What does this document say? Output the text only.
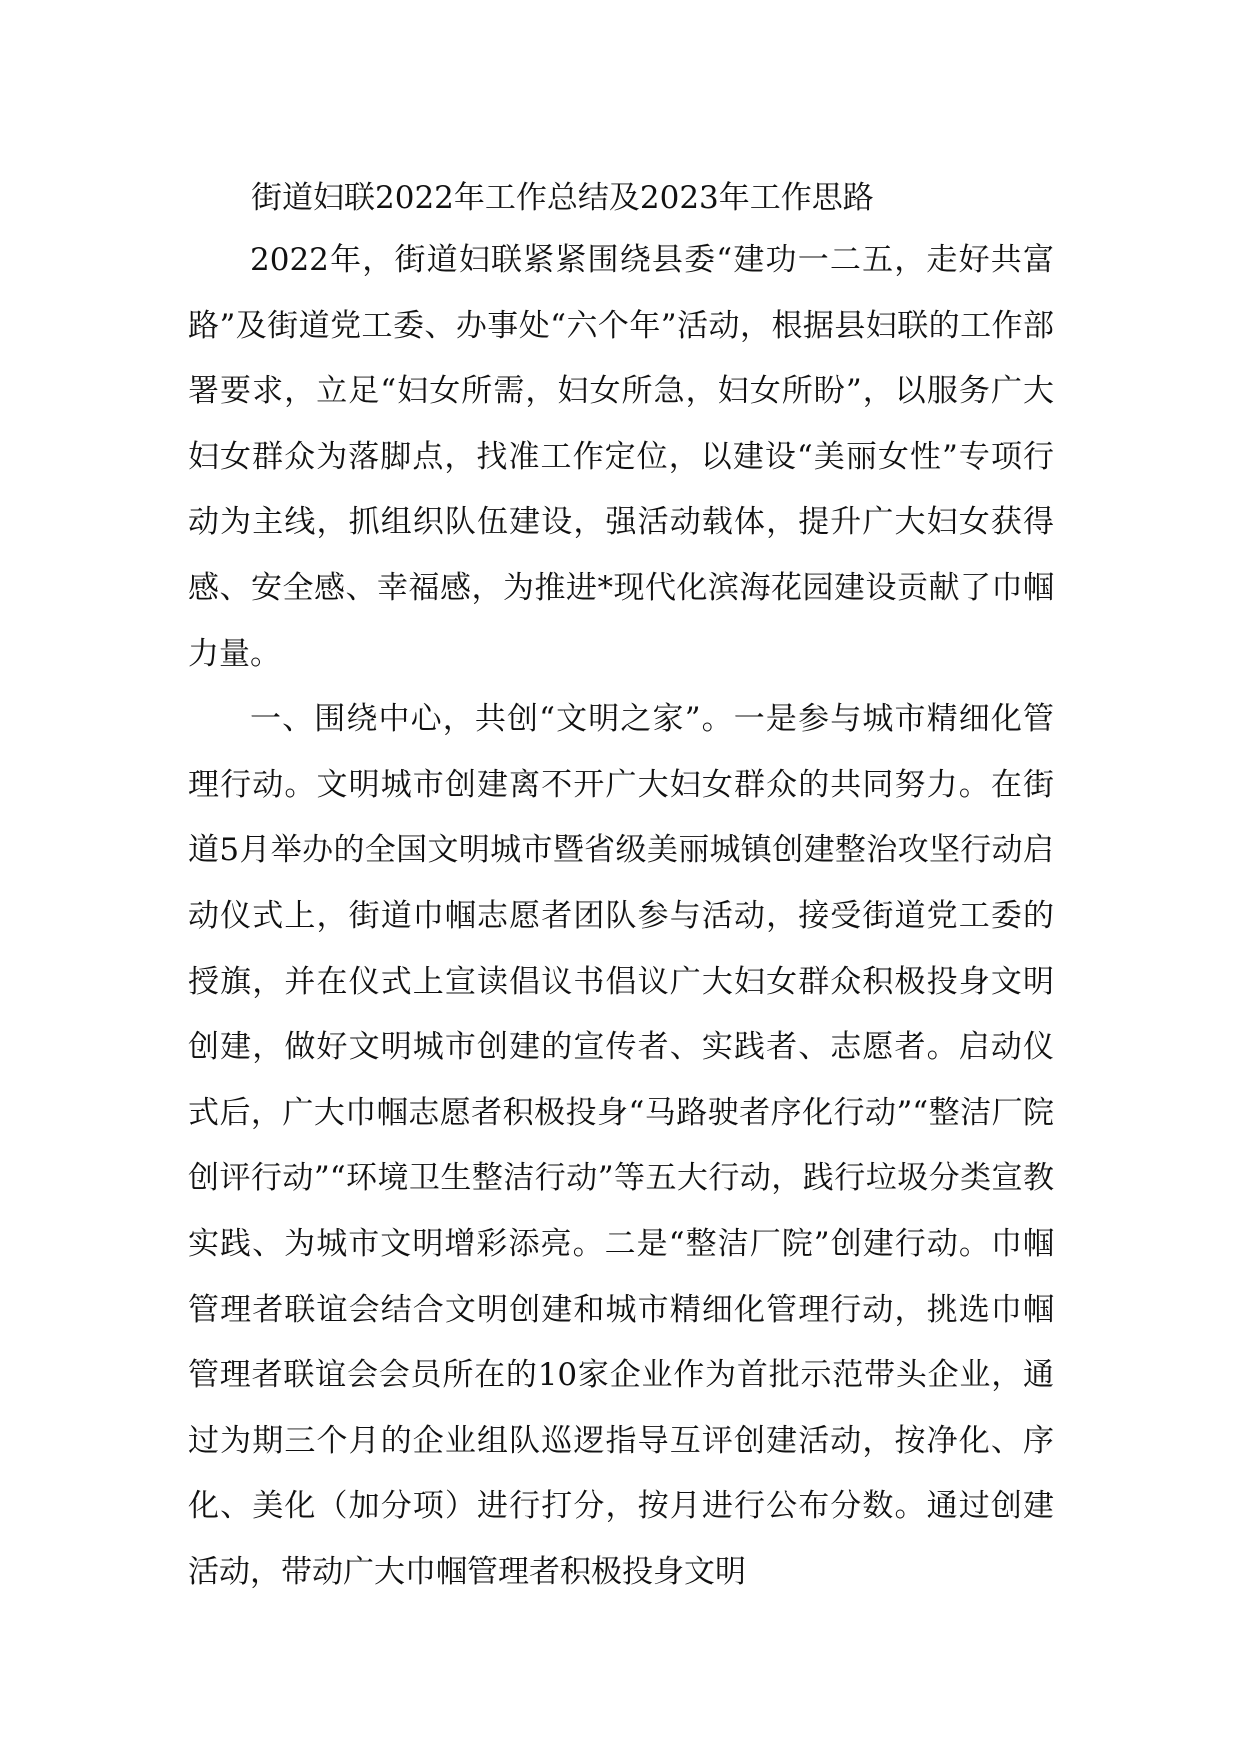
街道妇联2022年工作总结及2023年工作思路

2022年，街道妇联紧紧围绕县委“建功一二五，走好共富路”及街道党工委、办事处“六个年”活动，根据县妇联的工作部署要求，立足“妇女所需，妇女所急，妇女所盼”，以服务广大妇女群众为落脚点，找准工作定位，以建设“美丽女性”专项行动为主线，抓组织队伍建设，强活动载体，提升广大妇女获得感、安全感、幸福感，为推进*现代化滨海花园建设贡献了巾帼力量。

一、围绕中心，共创“文明之家”。一是参与城市精细化管理行动。文明城市创建离不开广大妇女群众的共同努力。在街道5月举办的全国文明城市暨省级美丽城镇创建整治攻坚行动启动仪式上，街道巾帼志愿者团队参与活动，接受街道党工委的授旗，并在仪式上宣读倡议书倡议广大妇女群众积极投身文明创建，做好文明城市创建的宣传者、实践者、志愿者。启动仪式后，广大巾帼志愿者积极投身“马路驶者序化行动”“整洁厂院创评行动”“环境卫生整洁行动”等五大行动，践行垃圾分类宣教实践、为城市文明增彩添亮。二是“整洁厂院”创建行动。巾帼管理者联谊会结合文明创建和城市精细化管理行动，挑选巾帼管理者联谊会会员所在的10家企业作为首批示范带头企业，通过为期三个月的企业组队巡逻指导互评创建活动，按净化、序化、美化（加分项）进行打分，按月进行公布分数。通过创建活动，带动广大巾帼管理者积极投身文明
